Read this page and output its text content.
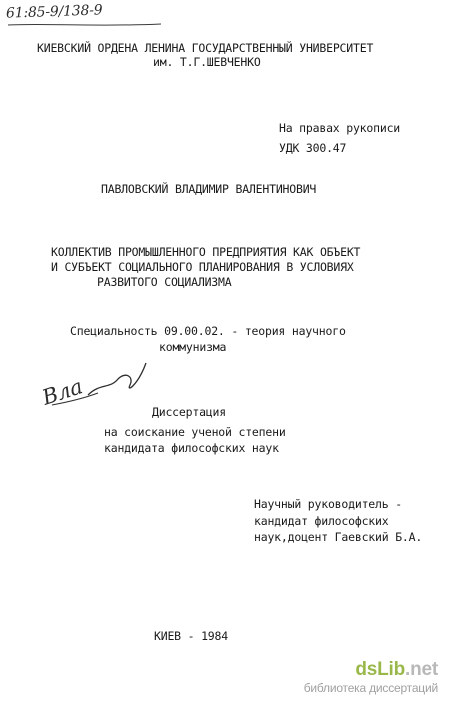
61:85-9/138-9
КИЕВСКИЙ ОРДЕНА ЛЕНИНА ГОСУДАРСТВЕННЫЙ УНИВЕРСИТЕТ
им. Т.Г.ШЕВЧЕНКО
На правах рукописи
УДК 300.47
ПАВЛОВСКИЙ ВЛАДИМИР ВАЛЕНТИНОВИЧ
КОЛЛЕКТИВ ПРОМЫШЛЕННОГО ПРЕДПРИЯТИЯ КАК ОБЪЕКТ
И СУБЪЕКТ СОЦИАЛЬНОГО ПЛАНИРОВАНИЯ В УСЛОВИЯХ
РАЗВИТОГО СОЦИАЛИЗМА
Специальность 09.00.02. - теория научного
коммунизма
Вла
Диссертация
на соискание ученой степени
кандидата философских наук
Научный руководитель -
кандидат философских
наук,доцент Гаевский Б.А.
КИЕВ - 1984
dsLib.net
библиотека диссертаций
